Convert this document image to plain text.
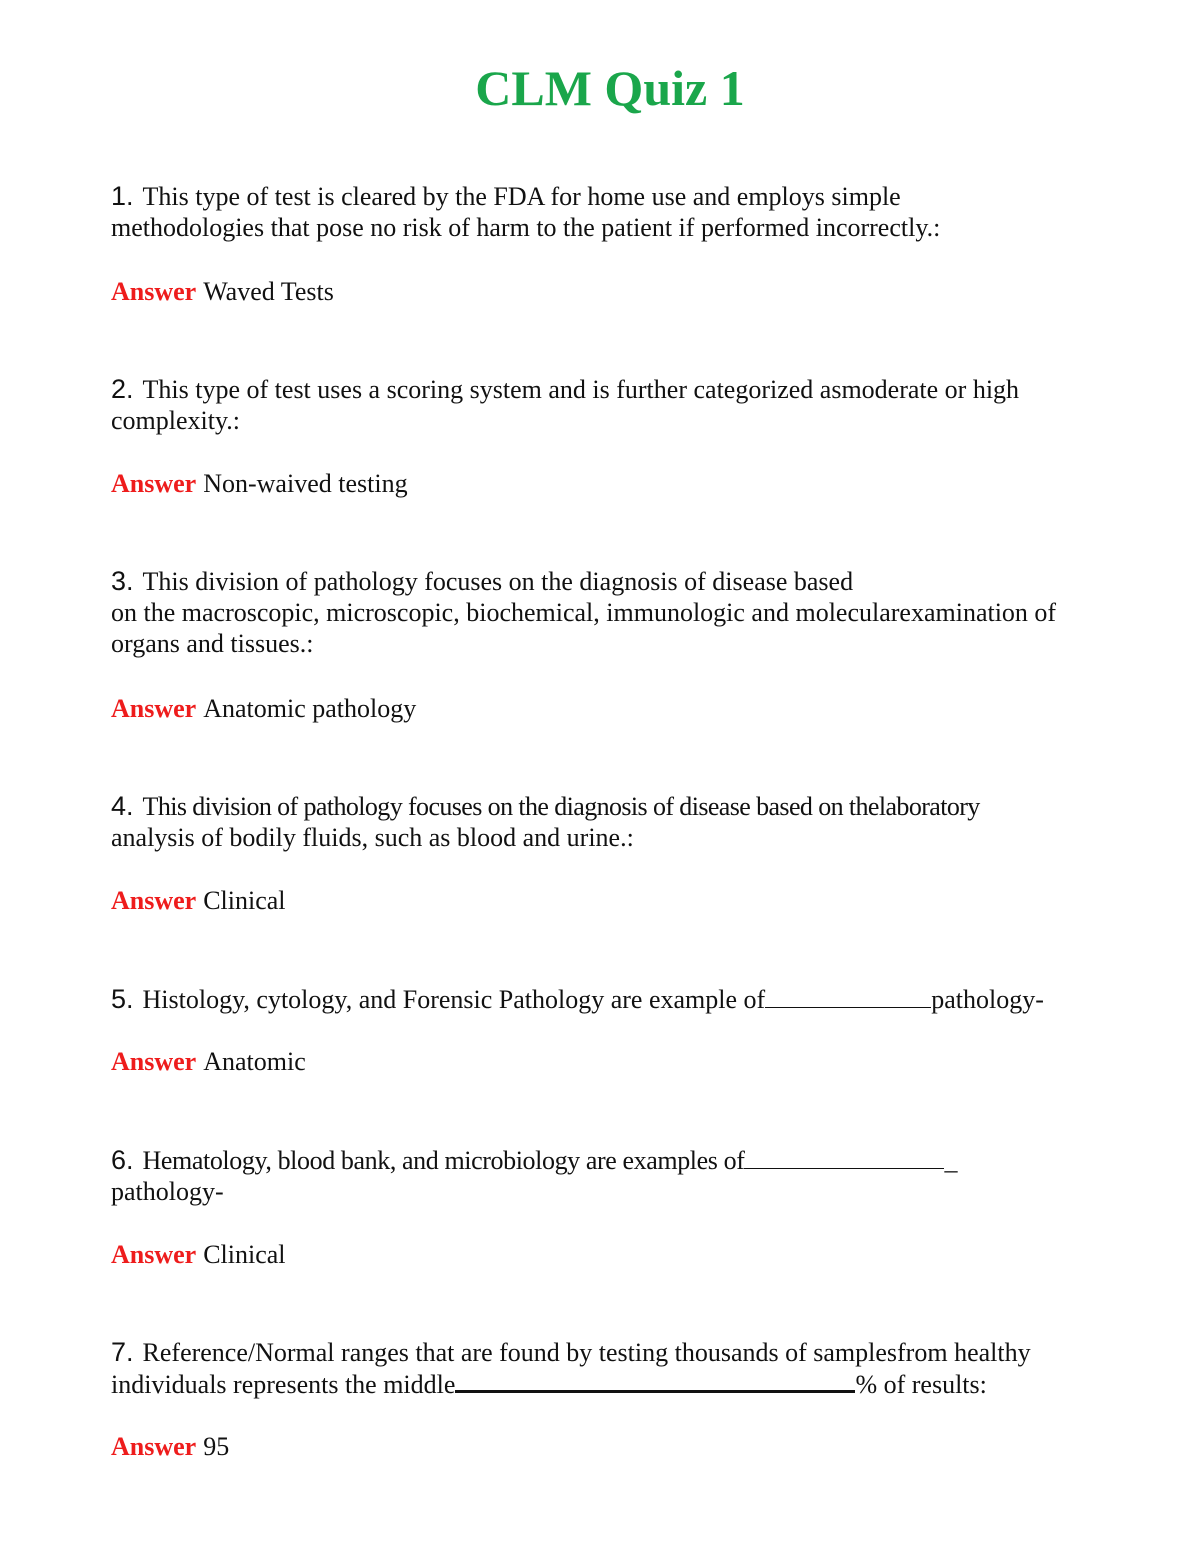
CLM Quiz 1
1. This type of test is cleared by the FDA for home use and employs simple
methodologies that pose no risk of harm to the patient if performed incorrectly.:
Answer Waved Tests
2. This type of test uses a scoring system and is further categorized asmoderate or high
complexity.:
Answer Non-waived testing
3. This division of pathology focuses on the diagnosis of disease based
on the macroscopic, microscopic, biochemical, immunologic and molecularexamination of
organs and tissues.:
Answer Anatomic pathology
4. This division of pathology focuses on the diagnosis of disease based on thelaboratory
analysis of bodily fluids, such as blood and urine.:
Answer Clinical
5. Histology, cytology, and Forensic Pathology are example of	pathology-
Answer Anatomic
6. Hematology, blood bank, and microbiology are examples of	_
pathology-
Answer Clinical
7. Reference/Normal ranges that are found by testing thousands of samplesfrom healthy
individuals represents the middle	% of results:
Answer 95
